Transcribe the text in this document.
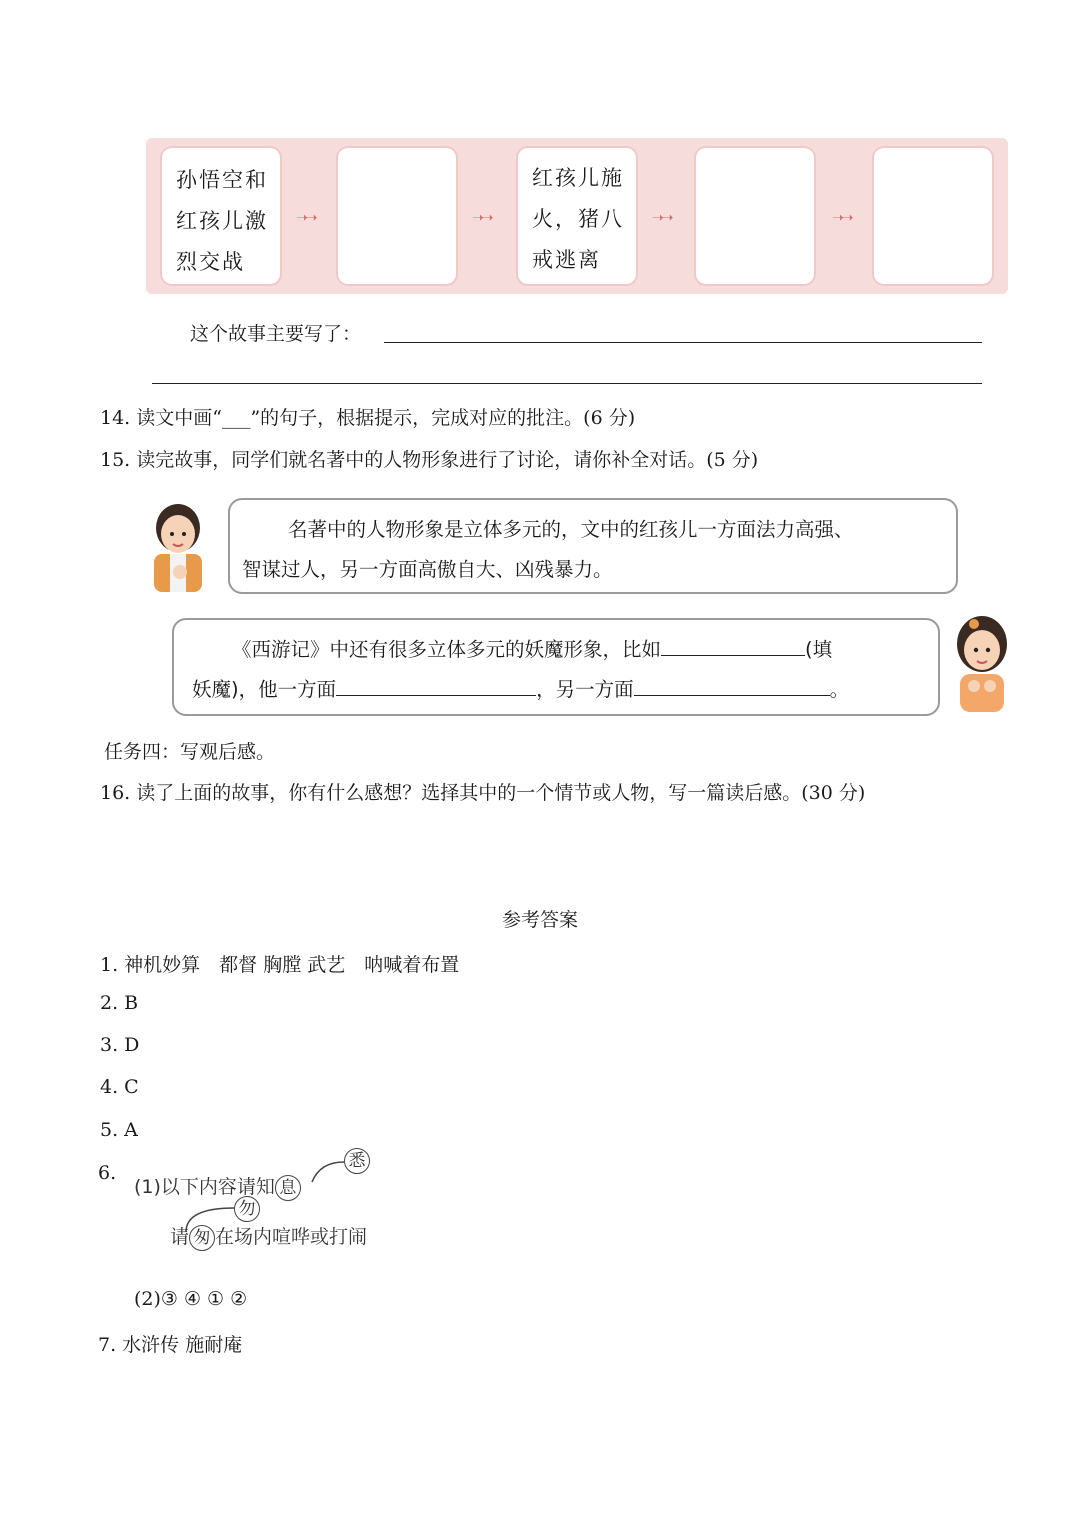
孙悟空和红孩儿激烈交战
➝➝	➝➝
红孩儿施火，猪八戒逃离
➝➝	➝➝
这个故事主要写了：
14. 读文中画“___”的句子，根据提示，完成对应的批注。(6 分)
15. 读完故事，同学们就名著中的人物形象进行了讨论，请你补全对话。(5 分)
名著中的人物形象是立体多元的，文中的红孩儿一方面法力高强、
智谋过人，另一方面高傲自大、凶残暴力。
《西游记》中还有很多立体多元的妖魔形象，比如	(填
妖魔)，他一方面	，另一方面	。
任务四：写观后感。
16. 读了上面的故事，你有什么感想？选择其中的一个情节或人物，写一篇读后感。(30 分)
参考答案
1. 神机妙算　都督 胸膛 武艺　呐喊着布置
2. B
3. D
4. C
5. A
6.
(1)以下内容请知 息
悉
勿
请 匆 在场内喧哗或打闹
(2)③ ④ ① ②
7. 水浒传 施耐庵
